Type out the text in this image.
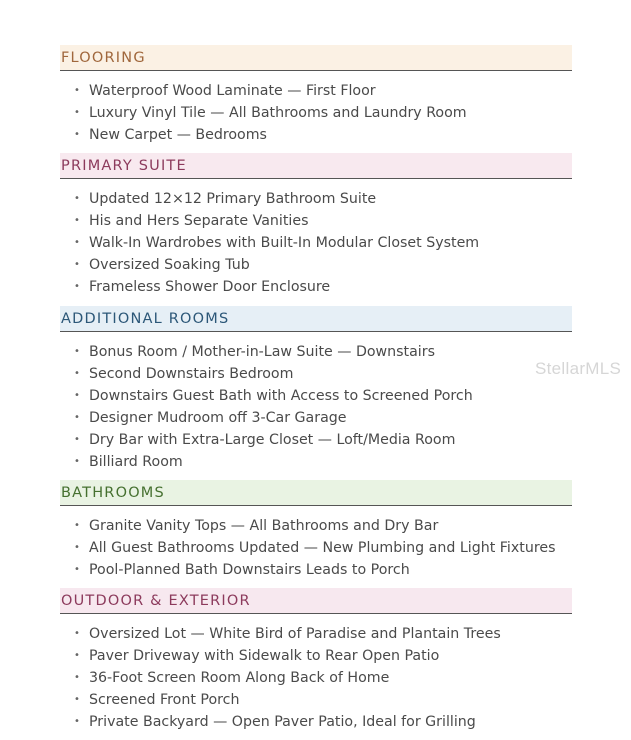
FLOORING
• Waterproof Wood Laminate — First Floor
• Luxury Vinyl Tile — All Bathrooms and Laundry Room
• New Carpet — Bedrooms
PRIMARY SUITE
• Updated 12×12 Primary Bathroom Suite
• His and Hers Separate Vanities
• Walk-In Wardrobes with Built-In Modular Closet System
• Oversized Soaking Tub
• Frameless Shower Door Enclosure
ADDITIONAL ROOMS
• Bonus Room / Mother-in-Law Suite — Downstairs
• Second Downstairs Bedroom
• Downstairs Guest Bath with Access to Screened Porch
• Designer Mudroom off 3-Car Garage
• Dry Bar with Extra-Large Closet — Loft/Media Room
• Billiard Room
BATHROOMS
• Granite Vanity Tops — All Bathrooms and Dry Bar
• All Guest Bathrooms Updated — New Plumbing and Light Fixtures
• Pool-Planned Bath Downstairs Leads to Porch
OUTDOOR & EXTERIOR
• Oversized Lot — White Bird of Paradise and Plantain Trees
• Paver Driveway with Sidewalk to Rear Open Patio
• 36-Foot Screen Room Along Back of Home
• Screened Front Porch
• Private Backyard — Open Paver Patio, Ideal for Grilling
StellarMLS
